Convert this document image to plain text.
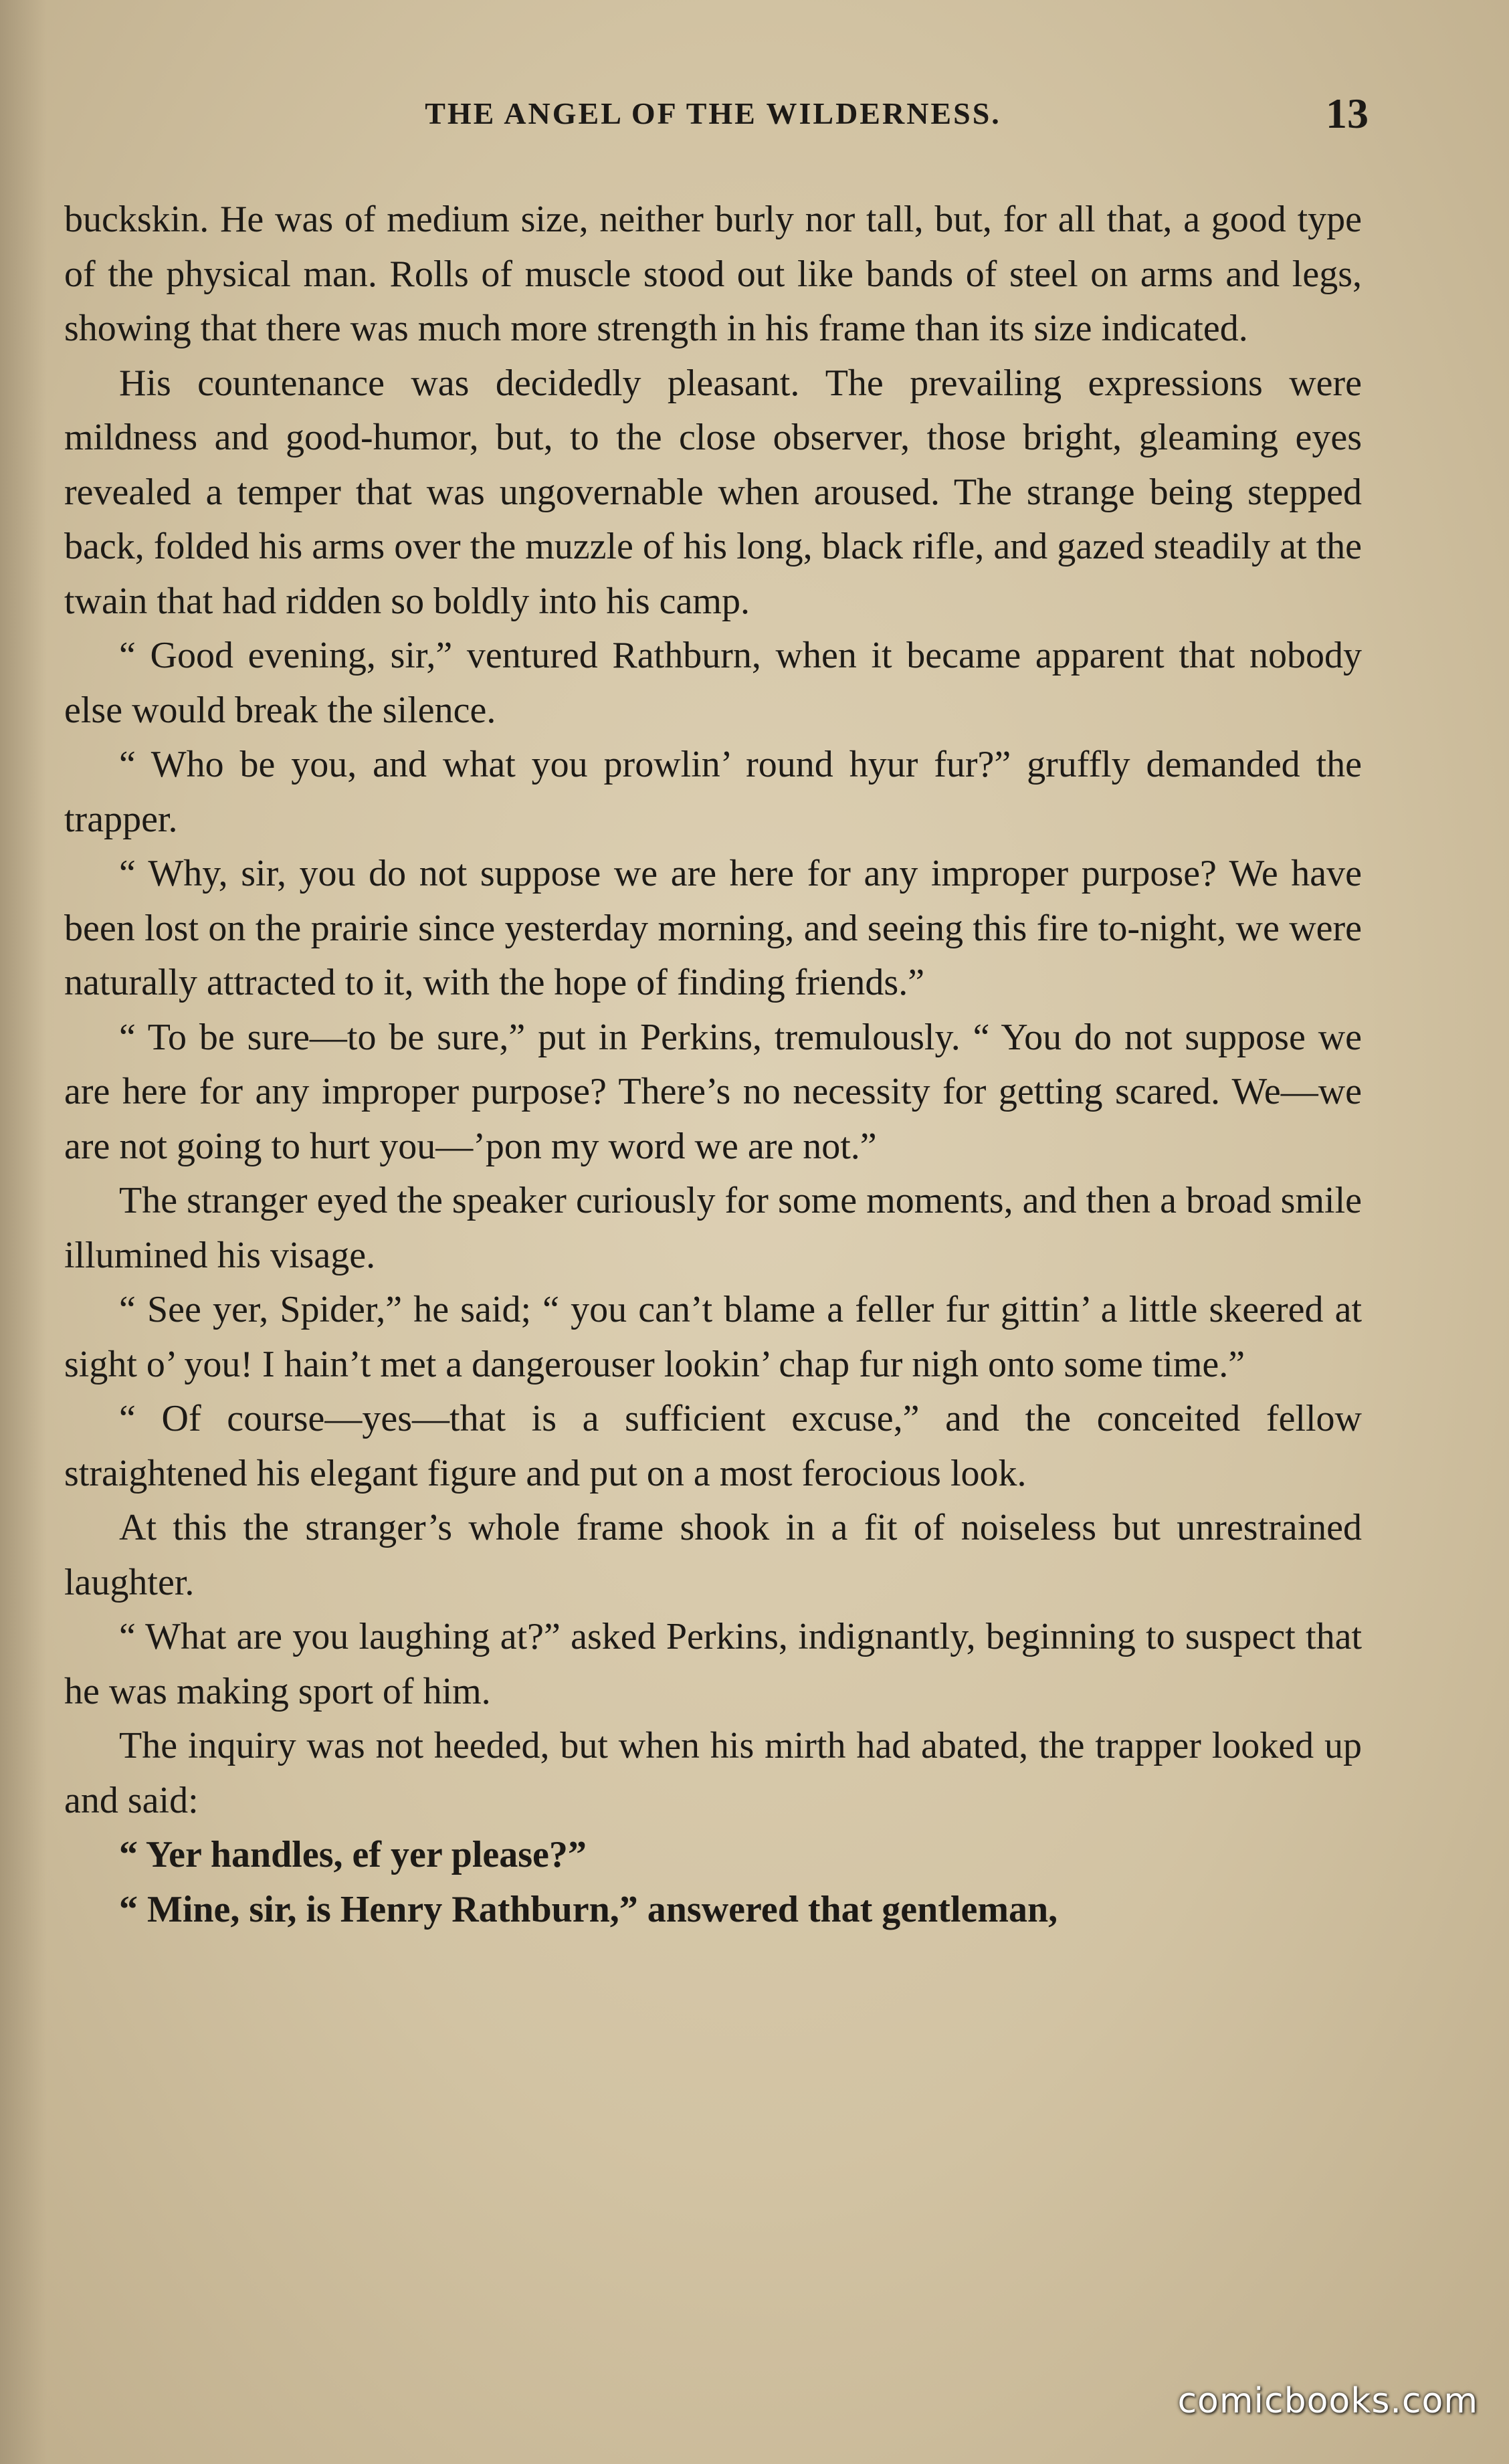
THE ANGEL OF THE WILDERNESS.	13

buckskin. He was of medium size, neither burly nor tall, but, for all that, a good type of the physical man. Rolls of muscle stood out like bands of steel on arms and legs, showing that there was much more strength in his frame than its size indicated.

His countenance was decidedly pleasant. The prevailing expressions were mildness and good-humor, but, to the close observer, those bright, gleaming eyes revealed a temper that was ungovernable when aroused. The strange being stepped back, folded his arms over the muzzle of his long, black rifle, and gazed steadily at the twain that had ridden so boldly into his camp.

“ Good evening, sir,” ventured Rathburn, when it became apparent that nobody else would break the silence.

“ Who be you, and what you prowlin’ round hyur fur?” gruffly demanded the trapper.

“ Why, sir, you do not suppose we are here for any improper purpose? We have been lost on the prairie since yesterday morning, and seeing this fire to-night, we were naturally attracted to it, with the hope of finding friends.”

“ To be sure—to be sure,” put in Perkins, tremulously. “ You do not suppose we are here for any improper purpose? There’s no necessity for getting scared. We—we are not going to hurt you—’pon my word we are not.”

The stranger eyed the speaker curiously for some moments, and then a broad smile illumined his visage.

“ See yer, Spider,” he said; “ you can’t blame a feller fur gittin’ a little skeered at sight o’ you! I hain’t met a dangerouser lookin’ chap fur nigh onto some time.”

“ Of course—yes—that is a sufficient excuse,” and the conceited fellow straightened his elegant figure and put on a most ferocious look.

At this the stranger’s whole frame shook in a fit of noiseless but unrestrained laughter.

“ What are you laughing at?” asked Perkins, indignantly, beginning to suspect that he was making sport of him.

The inquiry was not heeded, but when his mirth had abated, the trapper looked up and said:

“ Yer handles, ef yer please?”

“ Mine, sir, is Henry Rathburn,” answered that gentleman,

comicbooks.com
